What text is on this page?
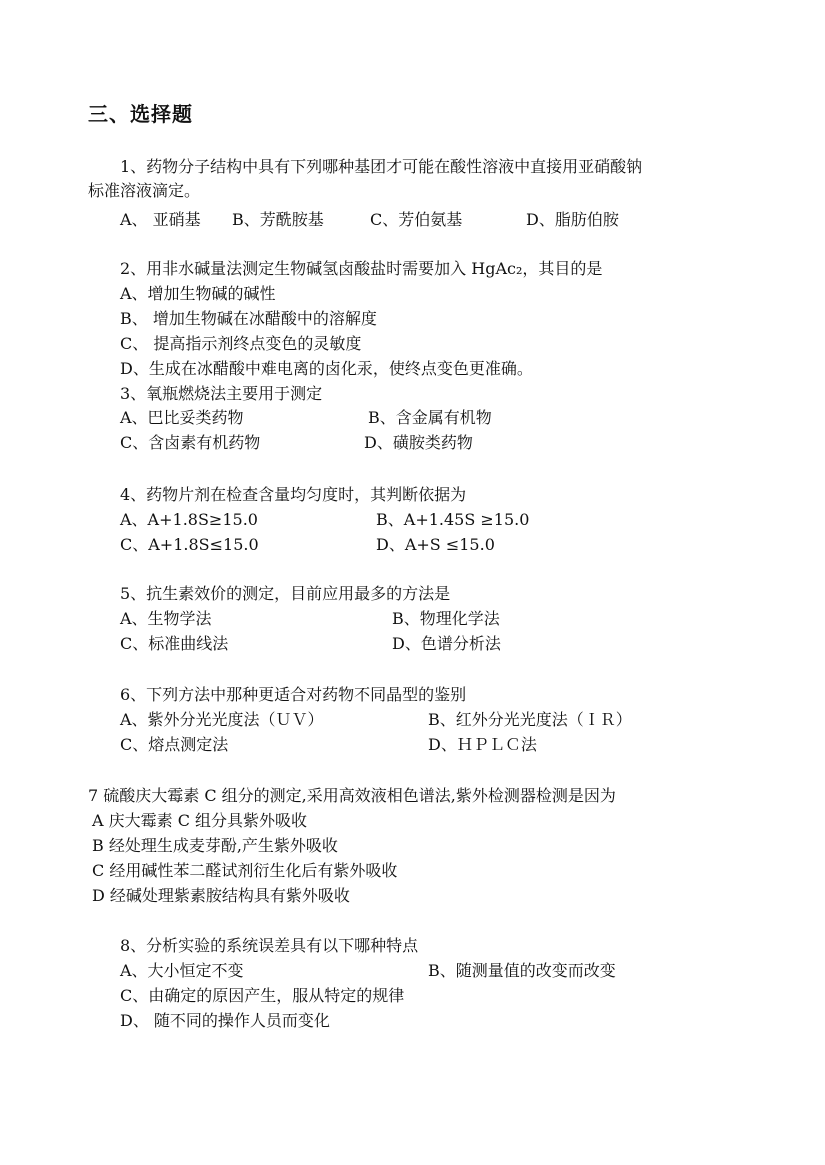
三、选择题
1、药物分子结构中具有下列哪种基团才可能在酸性溶液中直接用亚硝酸钠
标准溶液滴定。
A、 亚硝基 B、芳酰胺基	C、芳伯氨基	D、脂肪伯胺
2、用非水碱量法测定生物碱氢卤酸盐时需要加入 HgAc₂，其目的是
A、增加生物碱的碱性
B、 增加生物碱在冰醋酸中的溶解度
C、 提高指示剂终点变色的灵敏度
D、生成在冰醋酸中难电离的卤化汞，使终点变色更准确。
3、氧瓶燃烧法主要用于测定
A、巴比妥类药物	B、含金属有机物
C、含卤素有机药物	D、磺胺类药物
4、药物片剂在检查含量均匀度时，其判断依据为
A、A+1.8S≥15.0	B、A+1.45S ≥15.0
C、A+1.8S≤15.0	D、A+S ≤15.0
5、抗生素效价的测定，目前应用最多的方法是
A、生物学法	B、物理化学法
C、标准曲线法	D、色谱分析法
6、下列方法中那种更适合对药物不同晶型的鉴别
A、紫外分光光度法（ＵＶ）	B、红外分光光度法（ＩＲ）
C、熔点测定法	D、ＨＰＬＣ法
7 硫酸庆大霉素 C 组分的测定,采用高效液相色谱法,紫外检测器检测是因为
A 庆大霉素 C 组分具紫外吸收
B 经处理生成麦芽酚,产生紫外吸收
C 经用碱性苯二醛试剂衍生化后有紫外吸收
D 经碱处理紫素胺结构具有紫外吸收
8、分析实验的系统误差具有以下哪种特点
A、大小恒定不变	B、随测量值的改变而改变
C、由确定的原因产生，服从特定的规律
D、 随不同的操作人员而变化
